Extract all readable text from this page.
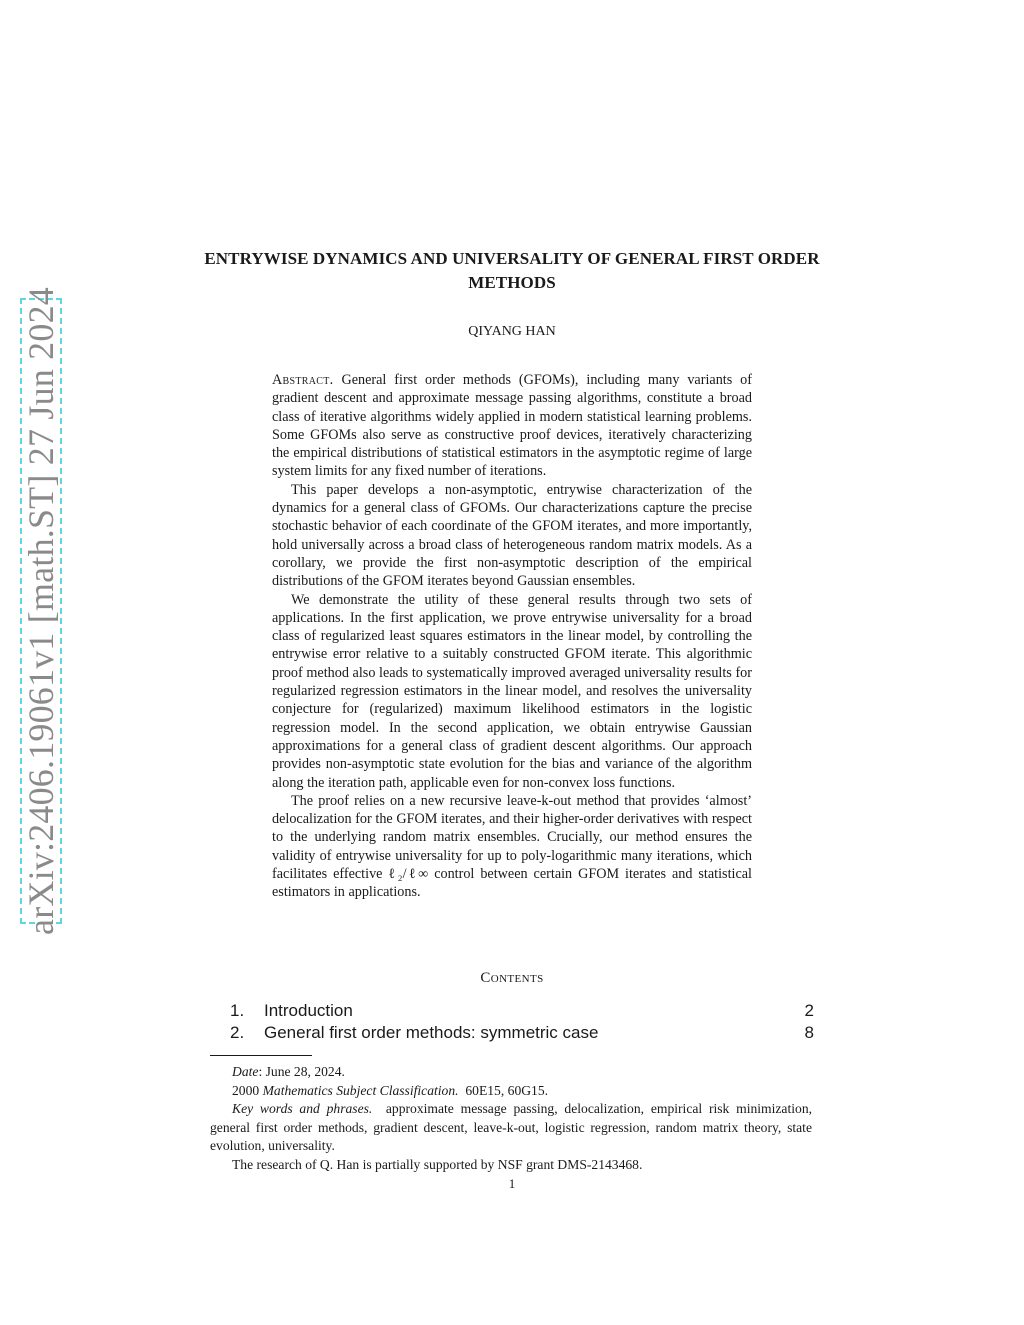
arXiv:2406.19061v1 [math.ST] 27 Jun 2024
ENTRYWISE DYNAMICS AND UNIVERSALITY OF GENERAL FIRST ORDER METHODS
QIYANG HAN

Abstract. General first order methods (GFOMs), including many variants of gradient descent and approximate message passing algorithms, constitute a broad class of iterative algorithms widely applied in modern statistical learning problems. Some GFOMs also serve as constructive proof devices, iteratively characterizing the empirical distributions of statistical estimators in the asymptotic regime of large system limits for any fixed number of iterations.

This paper develops a non-asymptotic, entrywise characterization of the dynamics for a general class of GFOMs. Our characterizations capture the precise stochastic behavior of each coordinate of the GFOM iterates, and more importantly, hold universally across a broad class of heterogeneous random matrix models. As a corollary, we provide the first non-asymptotic description of the empirical distributions of the GFOM iterates beyond Gaussian ensembles.

We demonstrate the utility of these general results through two sets of applications. In the first application, we prove entrywise universality for a broad class of regularized least squares estimators in the linear model, by controlling the entrywise error relative to a suitably constructed GFOM iterate. This algorithmic proof method also leads to systematically improved averaged universality results for regularized regression estimators in the linear model, and resolves the universality conjecture for (regularized) maximum likelihood estimators in the logistic regression model. In the second application, we obtain entrywise Gaussian approximations for a general class of gradient descent algorithms. Our approach provides non-asymptotic state evolution for the bias and variance of the algorithm along the iteration path, applicable even for non-convex loss functions.

The proof relies on a new recursive leave-k-out method that provides ‘almost’ delocalization for the GFOM iterates, and their higher-order derivatives with respect to the underlying random matrix ensembles. Crucially, our method ensures the validity of entrywise universality for up to poly-logarithmic many iterations, which facilitates effective ℓ₂/ℓ∞ control between certain GFOM iterates and statistical estimators in applications.

Contents
1.	Introduction	2
2.	General first order methods: symmetric case	8

Date: June 28, 2024.

2000 Mathematics Subject Classification. 60E15, 60G15.

Key words and phrases. approximate message passing, delocalization, empirical risk minimization, general first order methods, gradient descent, leave-k-out, logistic regression, random matrix theory, state evolution, universality.

The research of Q. Han is partially supported by NSF grant DMS-2143468.

1
